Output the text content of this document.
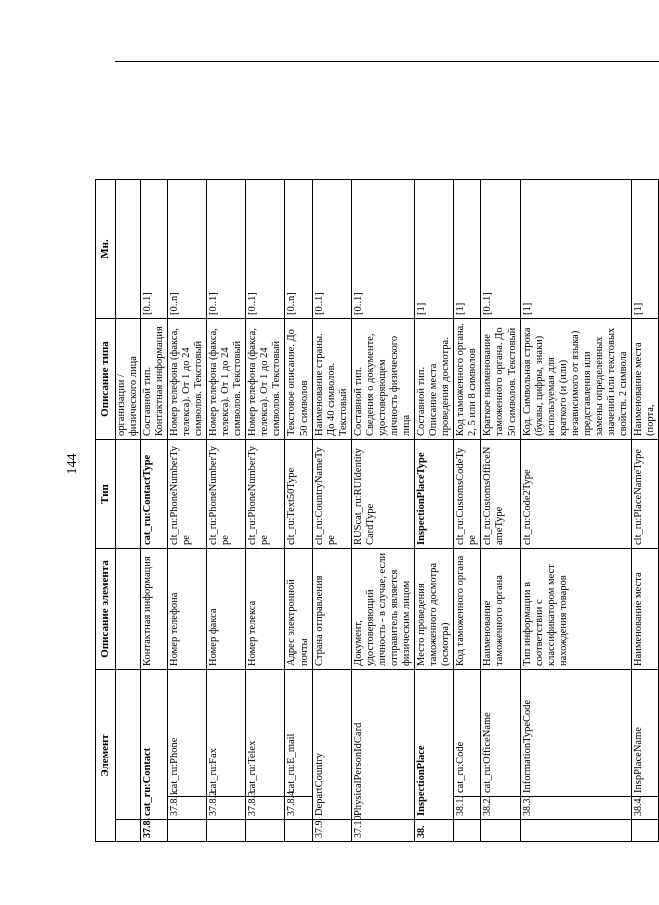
144
Элемент			Описание элемента	Тип	Описание типа	Мн.	
					организации / физического лица		
37.8.	cat_ru:Contact		Контактная информация	cat_ru:ContactType	Составной тип. Контактная информация	[0..1]	
	37.8.1.	cat_ru:Phone	Номер телефона	clt_ru:PhoneNumberType	Номер телефона (факса, телекса). От 1 до 24 символов. Текстовый	[0..n]	
	37.8.2.	cat_ru:Fax	Номер факса	clt_ru:PhoneNumberType	Номер телефона (факса, телекса). От 1 до 24 символов. Текстовый	[0..1]	
	37.8.3.	cat_ru:Telex	Номер телекса	clt_ru:PhoneNumberType	Номер телефона (факса, телекса). От 1 до 24 символов. Текстовый	[0..1]	
	37.8.4.	cat_ru:E_mail	Адрес электронной почты	clt_ru:Text50Type	Текстовое описание. До 50 символов	[0..n]	
37.9.	DepartCountry		Страна отправления	clt_ru:CountryNameType	Наименование страны. До 40 символов. Текстовый	[0..1]	
37.10.	PhysicalPersonIdCard		Документ, удостоверяющий личность - в случае, если отправитель является физическим лицом	RUScat_ru:RUIdentityCardType	Составной тип. Сведения о документе, удостоверяющем личность физического лица	[0..1]	
38.	InspectionPlace		Место проведения таможенного досмотра (осмотра)	InspectionPlaceType	Составной тип. Описание места проведения досмотра.	[1]	
	38.1.	cat_ru:Code	Код таможенного органа	clt_ru:CustomsCodeType	Код таможенного органа. 2, 5 или 8 символов	[1]	
	38.2.	cat_ru:OfficeName	Наименование таможенного органа	clt_ru:CustomsOfficeNameType	Краткое наименование таможенного органа. До 50 символов. Текстовый	[0..1]	
	38.3.	InformationTypeCode	Тип информации в соответствии с классификатором мест нахождения товаров	clt_ru:Code2Type	Код. Символьная строка (буквы, цифры, знаки) используемая для краткого (и (или) независимого от языка) представления или замены определенных значений или текстовых свойств. 2 символа	[1]	
	38.4.	InspPlaceName	Наименование места	clt_ru:PlaceNameType	Наименование места (порта,	[1]	
